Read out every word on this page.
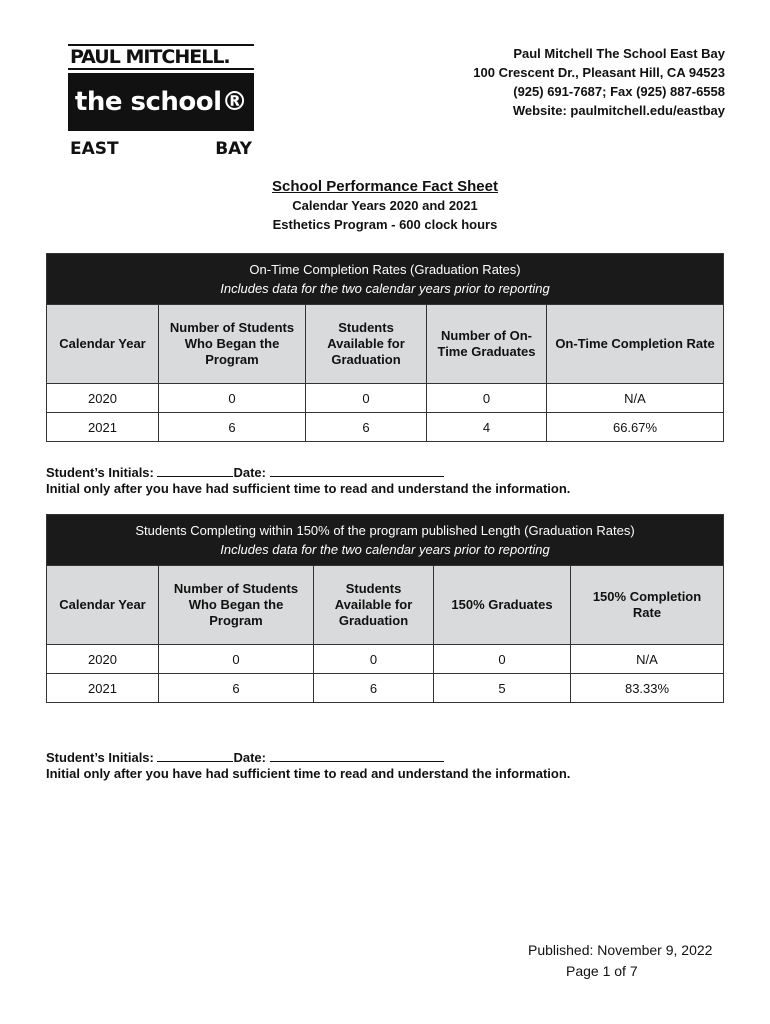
PAUL MITCHELL.
the school®
EAST	BAY
Paul Mitchell The School East Bay
100 Crescent Dr., Pleasant Hill, CA 94523
(925) 691-7687; Fax (925) 887-6558
Website: paulmitchell.edu/eastbay
School Performance Fact Sheet
Calendar Years 2020 and 2021
Esthetics Program - 600 clock hours
On-Time Completion Rates (Graduation Rates)
Includes data for the two calendar years prior to reporting				

Calendar Year	Number of Students Who Began the Program	Students Available for Graduation	Number of On-Time Graduates	On-Time Completion Rate
2020	0	0	0	N/A
2021	6	6	4	66.67%
Student’s Initials:	Date:
Initial only after you have had sufficient time to read and understand the information.
Students Completing within 150% of the program published Length (Graduation Rates)
Includes data for the two calendar years prior to reporting				

Calendar Year	Number of Students Who Began the Program	Students Available for Graduation	150% Graduates	150% Completion Rate
2020	0	0	0	N/A
2021	6	6	5	83.33%
Student’s Initials:	Date:
Initial only after you have had sufficient time to read and understand the information.
Published: November 9, 2022
Page 1 of 7
